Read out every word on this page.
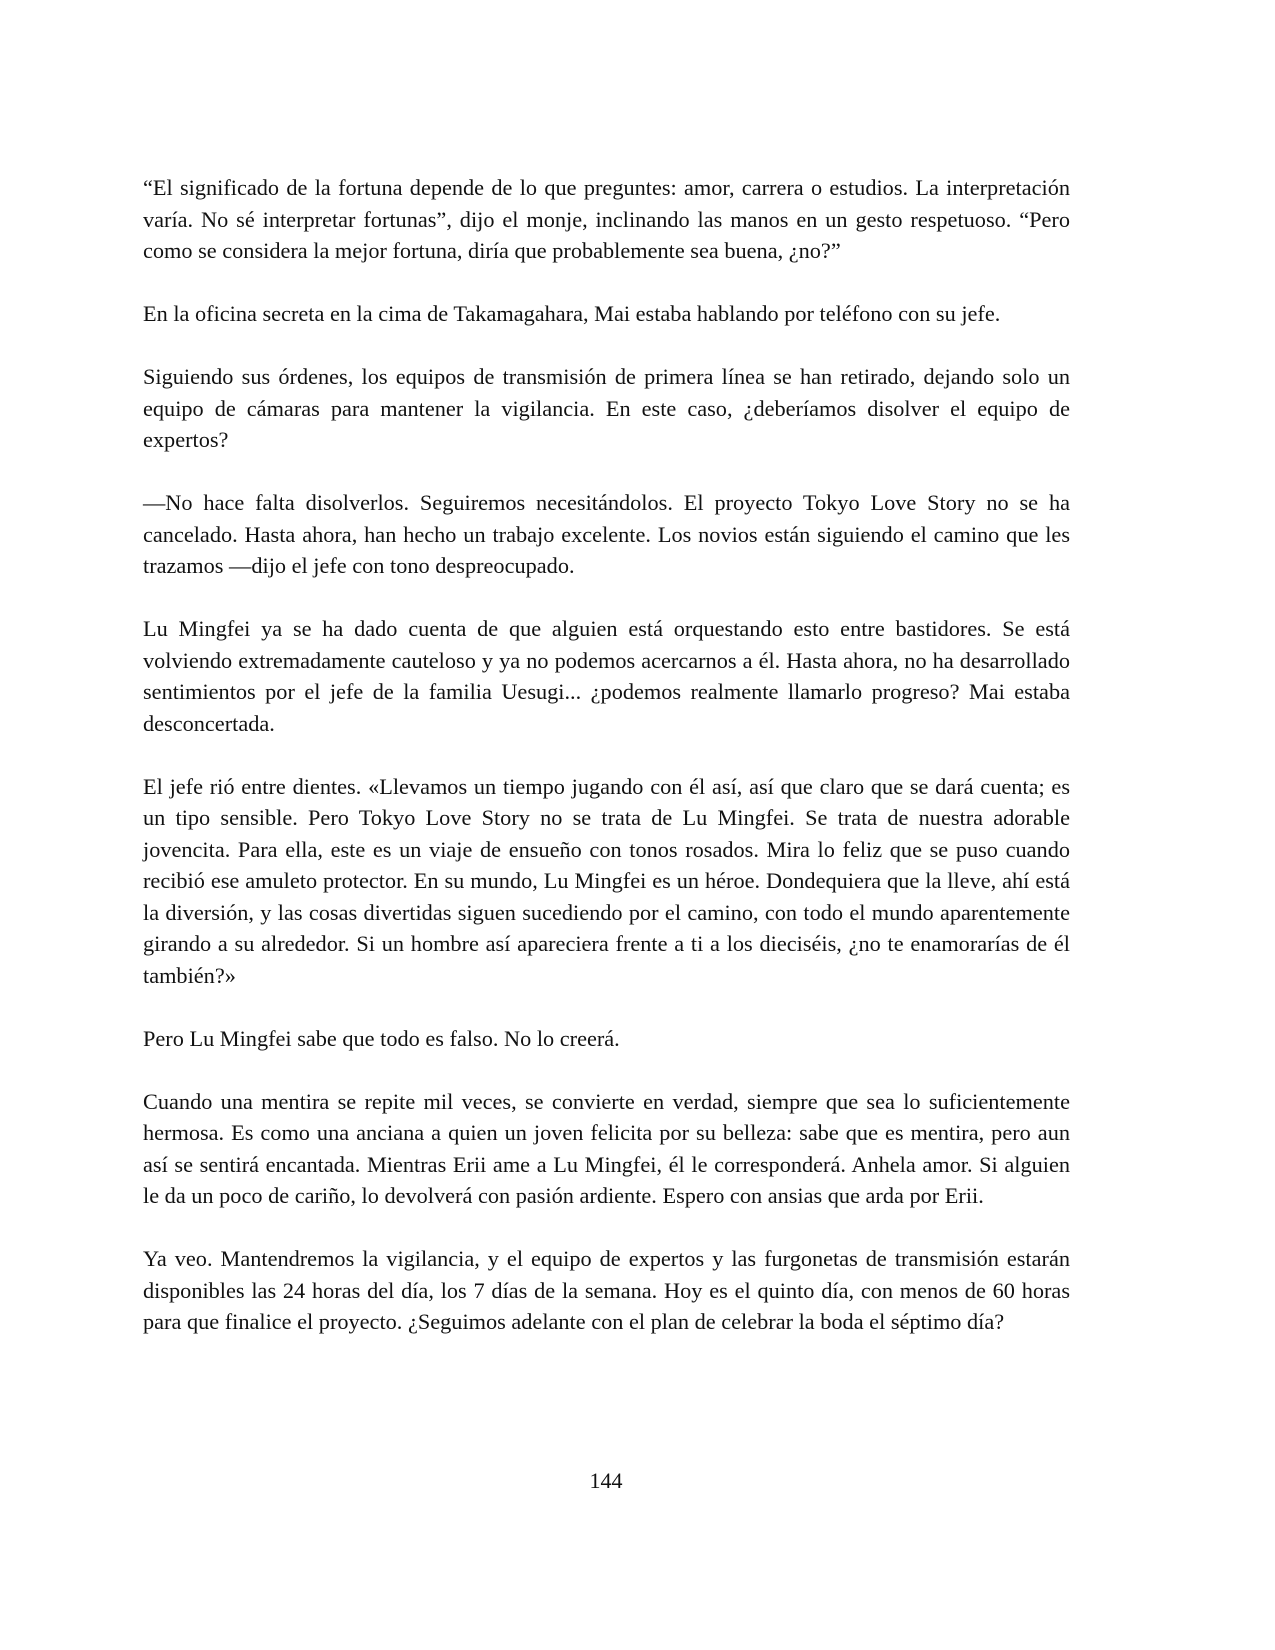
“El significado de la fortuna depende de lo que preguntes: amor, carrera o estudios. La interpretación varía. No sé interpretar fortunas”, dijo el monje, inclinando las manos en un gesto respetuoso. “Pero como se considera la mejor fortuna, diría que probablemente sea buena, ¿no?”

En la oficina secreta en la cima de Takamagahara, Mai estaba hablando por teléfono con su jefe.

Siguiendo sus órdenes, los equipos de transmisión de primera línea se han retirado, dejando solo un equipo de cámaras para mantener la vigilancia. En este caso, ¿deberíamos disolver el equipo de expertos?

—No hace falta disolverlos. Seguiremos necesitándolos. El proyecto Tokyo Love Story no se ha cancelado. Hasta ahora, han hecho un trabajo excelente. Los novios están siguiendo el camino que les trazamos —dijo el jefe con tono despreocupado.

Lu Mingfei ya se ha dado cuenta de que alguien está orquestando esto entre bastidores. Se está volviendo extremadamente cauteloso y ya no podemos acercarnos a él. Hasta ahora, no ha desarrollado sentimientos por el jefe de la familia Uesugi... ¿podemos realmente llamarlo progreso? Mai estaba desconcertada.

El jefe rió entre dientes. «Llevamos un tiempo jugando con él así, así que claro que se dará cuenta; es un tipo sensible. Pero Tokyo Love Story no se trata de Lu Mingfei. Se trata de nuestra adorable jovencita. Para ella, este es un viaje de ensueño con tonos rosados. Mira lo feliz que se puso cuando recibió ese amuleto protector. En su mundo, Lu Mingfei es un héroe. Dondequiera que la lleve, ahí está la diversión, y las cosas divertidas siguen sucediendo por el camino, con todo el mundo aparentemente girando a su alrededor. Si un hombre así apareciera frente a ti a los dieciséis, ¿no te enamorarías de él también?»

Pero Lu Mingfei sabe que todo es falso. No lo creerá.

Cuando una mentira se repite mil veces, se convierte en verdad, siempre que sea lo suficientemente hermosa. Es como una anciana a quien un joven felicita por su belleza: sabe que es mentira, pero aun así se sentirá encantada. Mientras Erii ame a Lu Mingfei, él le corresponderá. Anhela amor. Si alguien le da un poco de cariño, lo devolverá con pasión ardiente. Espero con ansias que arda por Erii.

Ya veo. Mantendremos la vigilancia, y el equipo de expertos y las furgonetas de transmisión estarán disponibles las 24 horas del día, los 7 días de la semana. Hoy es el quinto día, con menos de 60 horas para que finalice el proyecto. ¿Seguimos adelante con el plan de celebrar la boda el séptimo día?

144
